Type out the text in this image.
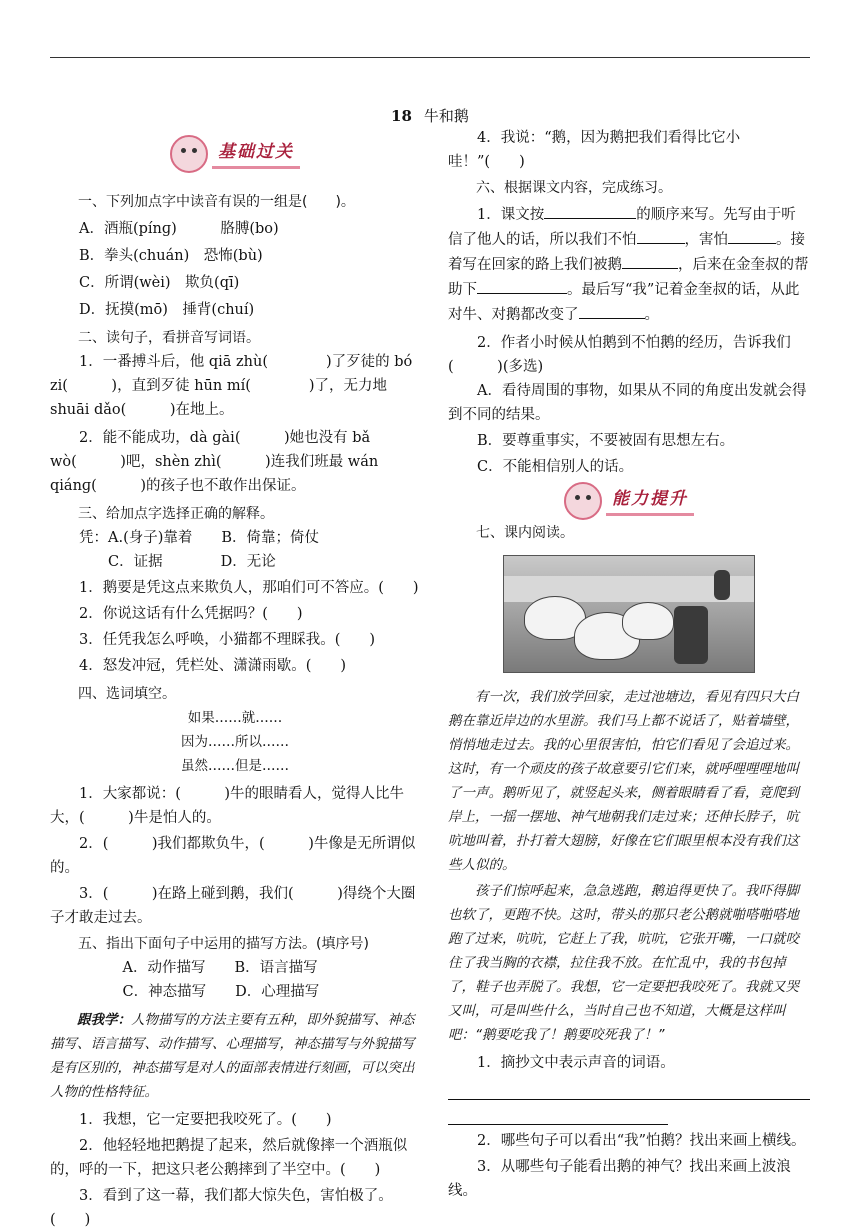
18 牛和鹅
基础过关

一、下列加点字中读音有误的一组是(　　)。

A．酒瓶(pínɡ)　　　胳膊(bo)

B．拳头(chuán)　恐怖(bù)

C．所谓(wèi)　欺负(qī)

D．抚摸(mō)　捶背(chuí)

二、读句子，看拼音写词语。

1．一番搏斗后，他 qiā zhù(　　　　)了歹徒的 bó zi(　　　)，直到歹徒 hūn mí(　　　　)了，无力地 shuāi dǎo(　　　)在地上。

2．能不能成功，dà ɡài(　　　)她也没有 bǎ wò(　　　)吧，shèn zhì(　　　)连我们班最 wán qiánɡ(　　　)的孩子也不敢作出保证。

三、给加点字选择正确的解释。

凭：A.(身子)靠着　　B．倚靠；倚仗

C．证据　　　　D．无论

1．鹅要是凭这点来欺负人，那咱们可不答应。(　　)

2．你说这话有什么凭据吗？(　　)

3．任凭我怎么呼唤，小猫都不理睬我。(　　)

4．怒发冲冠，凭栏处、潇潇雨歇。(　　)

四、选词填空。

如果……就……

因为……所以……

虽然……但是……

1．大家都说：(　　　)牛的眼睛看人，觉得人比牛大，(　　　)牛是怕人的。

2．(　　　)我们都欺负牛，(　　　)牛像是无所谓似的。

3．(　　　)在路上碰到鹅，我们(　　　)得绕个大圈子才敢走过去。

五、指出下面句子中运用的描写方法。(填序号)

A．动作描写　　B．语言描写

C．神态描写　　D．心理描写

跟我学：人物描写的方法主要有五种，即外貌描写、神态描写、语言描写、动作描写、心理描写，神态描写与外貌描写是有区别的，神态描写是对人的面部表情进行刻画，可以突出人物的性格特征。

1．我想，它一定要把我咬死了。(　　)

2．他轻轻地把鹅提了起来，然后就像摔一个酒瓶似的，呼的一下，把这只老公鹅摔到了半空中。(　　)

3．看到了这一幕，我们都大惊失色，害怕极了。(　　)

4．我说：“鹅，因为鹅把我们看得比它小哇！”(　　)

六、根据课文内容，完成练习。

1．课文按	的顺序来写。先写由于听信了他人的话，所以我们不怕	，害怕	。接着写在回家的路上我们被鹅	，后来在金奎叔的帮助下	。最后写“我”记着金奎叔的话，从此对牛、对鹅都改变了	。

2．作者小时候从怕鹅到不怕鹅的经历，告诉我们(　　　)(多选)

A．看待周围的事物，如果从不同的角度出发就会得到不同的结果。

B．要尊重事实，不要被固有思想左右。

C．不能相信别人的话。

能力提升

七、课内阅读。

有一次，我们放学回家，走过池塘边，看见有四只大白鹅在靠近岸边的水里游。我们马上都不说话了，贴着墙壁，悄悄地走过去。我的心里很害怕，怕它们看见了会追过来。这时，有一个顽皮的孩子故意要引它们来，就呼哩哩哩地叫了一声。鹅听见了，就竖起头来，侧着眼睛看了看，竟爬到岸上，一摇一摆地、神气地朝我们走过来；还伸长脖子，吭吭地叫着，扑打着大翅膀，好像在它们眼里根本没有我们这些人似的。

孩子们惊呼起来，急急逃跑，鹅追得更快了。我吓得脚也软了，更跑不快。这时，带头的那只老公鹅就啪嗒啪嗒地跑了过来，吭吭，它赶上了我，吭吭，它张开嘴，一口就咬住了我当胸的衣襟，拉住我不放。在忙乱中，我的书包掉了，鞋子也弄脱了。我想，它一定要把我咬死了。我就又哭又叫，可是叫些什么，当时自己也不知道，大概是这样叫吧：“鹅要吃我了！鹅要咬死我了！”

1．摘抄文中表示声音的词语。

2．哪些句子可以看出“我”怕鹅？找出来画上横线。

3．从哪些句子能看出鹅的神气？找出来画上波浪线。
